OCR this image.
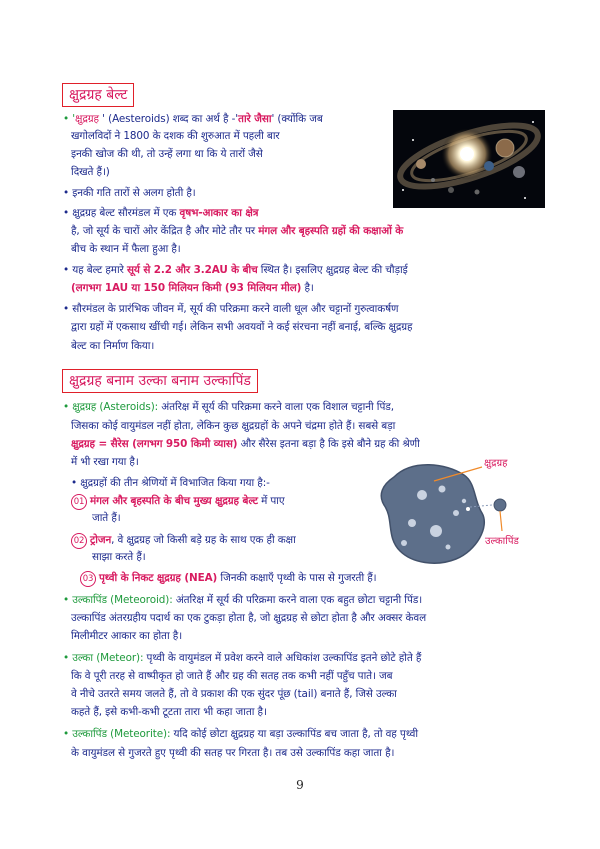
क्षुद्रग्रह बेल्ट
• 'क्षुद्रग्रह ' (Aesteroids) शब्द का अर्थ है -'तारे जैसा' (क्योंकि जब
खगोलविदों ने 1800 के दशक की शुरुआत में पहली बार
इनकी खोज की थी, तो उन्हें लगा था कि ये तारों जैसे
दिखते हैं।)
• इनकी गति तारों से अलग होती है।
• क्षुद्रग्रह बेल्ट सौरमंडल में एक वृषभ-आकार का क्षेत्र
है, जो सूर्य के चारों ओर केंद्रित है और मोटे तौर पर मंगल और बृहस्पति ग्रहों की कक्षाओं के
बीच के स्थान में फैला हुआ है।
• यह बेल्ट हमारे सूर्य से 2.2 और 3.2AU के बीच स्थित है। इसलिए क्षुद्रग्रह बेल्ट की चौड़ाई
(लगभग 1AU या 150 मिलियन किमी (93 मिलियन मील) है।
• सौरमंडल के प्रारंभिक जीवन में, सूर्य की परिक्रमा करने वाली धूल और चट्टानों गुरुत्वाकर्षण
द्वारा ग्रहों में एकसाथ खींची गई। लेकिन सभी अवयवों ने कई संरचना नहीं बनाई, बल्कि क्षुद्रग्रह
बेल्ट का निर्माण किया।
क्षुद्रग्रह बनाम उल्का बनाम उल्कापिंड
क्षुद्रग्रह
उल्कापिंड
• क्षुद्रग्रह (Asteroids): अंतरिक्ष में सूर्य की परिक्रमा करने वाला एक विशाल चट्टानी पिंड,
जिसका कोई वायुमंडल नहीं होता, लेकिन कुछ क्षुद्रग्रहों के अपने चंद्रमा होते हैं। सबसे बड़ा
क्षुद्रग्रह = सैरेस (लगभग 950 किमी व्यास) और सैरेस इतना बड़ा है कि इसे बौने ग्रह की श्रेणी
में भी रखा गया है।
• क्षुद्रग्रहों की तीन श्रेणियों में विभाजित किया गया है:-
01 मंगल और बृहस्पति के बीच मुख्य क्षुद्रग्रह बेल्ट में पाए
जाते हैं।
02 ट्रोजन, वे क्षुद्रग्रह जो किसी बड़े ग्रह के साथ एक ही कक्षा
साझा करते हैं।
03 पृथ्वी के निकट क्षुद्रग्रह (NEA) जिनकी कक्षाएँ पृथ्वी के पास से गुजरती हैं।
• उल्कापिंड (Meteoroid): अंतरिक्ष में सूर्य की परिक्रमा करने वाला एक बहुत छोटा चट्टानी पिंड।
उल्कापिंड अंतरग्रहीय पदार्थ का एक टुकड़ा होता है, जो क्षुद्रग्रह से छोटा होता है और अक्सर केवल
मिलीमीटर आकार का होता है।
• उल्का (Meteor): पृथ्वी के वायुमंडल में प्रवेश करने वाले अधिकांश उल्कापिंड इतने छोटे होते हैं
कि वे पूरी तरह से वाष्पीकृत हो जाते हैं और ग्रह की सतह तक कभी नहीं पहुँच पाते। जब
वे नीचे उतरते समय जलते हैं, तो वे प्रकाश की एक सुंदर पूंछ (tail) बनाते हैं, जिसे उल्का
कहते हैं, इसे कभी-कभी टूटता तारा भी कहा जाता है।
• उल्कापिंड (Meteorite): यदि कोई छोटा क्षुद्रग्रह या बड़ा उल्कापिंड बच जाता है, तो वह पृथ्वी
के वायुमंडल से गुजरते हुए पृथ्वी की सतह पर गिरता है। तब उसे उल्कापिंड कहा जाता है।
9
